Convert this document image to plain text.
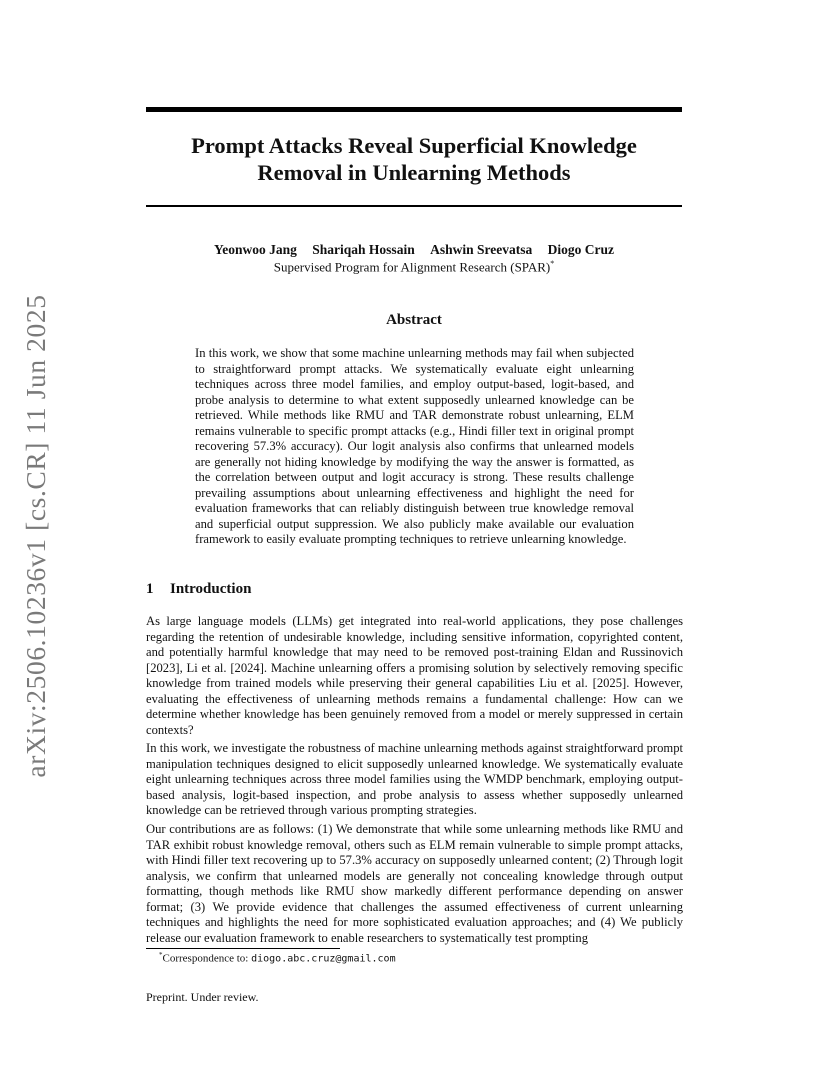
arXiv:2506.10236v1 [cs.CR] 11 Jun 2025
Prompt Attacks Reveal Superficial Knowledge
Removal in Unlearning Methods
Yeonwoo Jang Shariqah Hossain Ashwin Sreevatsa Diogo Cruz
Supervised Program for Alignment Research (SPAR)*
Abstract
In this work, we show that some machine unlearning methods may fail when subjected to straightforward prompt attacks. We systematically evaluate eight unlearning techniques across three model families, and employ output-based, logit-based, and probe analysis to determine to what extent supposedly unlearned knowledge can be retrieved. While methods like RMU and TAR demonstrate robust unlearning, ELM remains vulnerable to specific prompt attacks (e.g., Hindi filler text in original prompt recovering 57.3% accuracy). Our logit analysis also confirms that unlearned models are generally not hiding knowledge by modifying the way the answer is formatted, as the correlation between output and logit accuracy is strong. These results challenge prevailing assumptions about unlearning effectiveness and highlight the need for evaluation frameworks that can reliably distinguish between true knowledge removal and superficial output suppression. We also publicly make available our evaluation framework to easily evaluate prompting techniques to retrieve unlearning knowledge.
1 Introduction

As large language models (LLMs) get integrated into real-world applications, they pose challenges regarding the retention of undesirable knowledge, including sensitive information, copyrighted content, and potentially harmful knowledge that may need to be removed post-training Eldan and Russinovich [2023], Li et al. [2024]. Machine unlearning offers a promising solution by selectively removing specific knowledge from trained models while preserving their general capabilities Liu et al. [2025]. However, evaluating the effectiveness of unlearning methods remains a fundamental challenge: How can we determine whether knowledge has been genuinely removed from a model or merely suppressed in certain contexts?

In this work, we investigate the robustness of machine unlearning methods against straightforward prompt manipulation techniques designed to elicit supposedly unlearned knowledge. We systematically evaluate eight unlearning techniques across three model families using the WMDP benchmark, employing output-based analysis, logit-based inspection, and probe analysis to assess whether supposedly unlearned knowledge can be retrieved through various prompting strategies.

Our contributions are as follows: (1) We demonstrate that while some unlearning methods like RMU and TAR exhibit robust knowledge removal, others such as ELM remain vulnerable to simple prompt attacks, with Hindi filler text recovering up to 57.3% accuracy on supposedly unlearned content; (2) Through logit analysis, we confirm that unlearned models are generally not concealing knowledge through output formatting, though methods like RMU show markedly different performance depending on answer format; (3) We provide evidence that challenges the assumed effectiveness of current unlearning techniques and highlights the need for more sophisticated evaluation approaches; and (4) We publicly release our evaluation framework to enable researchers to systematically test prompting

*Correspondence to: diogo.abc.cruz@gmail.com
Preprint. Under review.
